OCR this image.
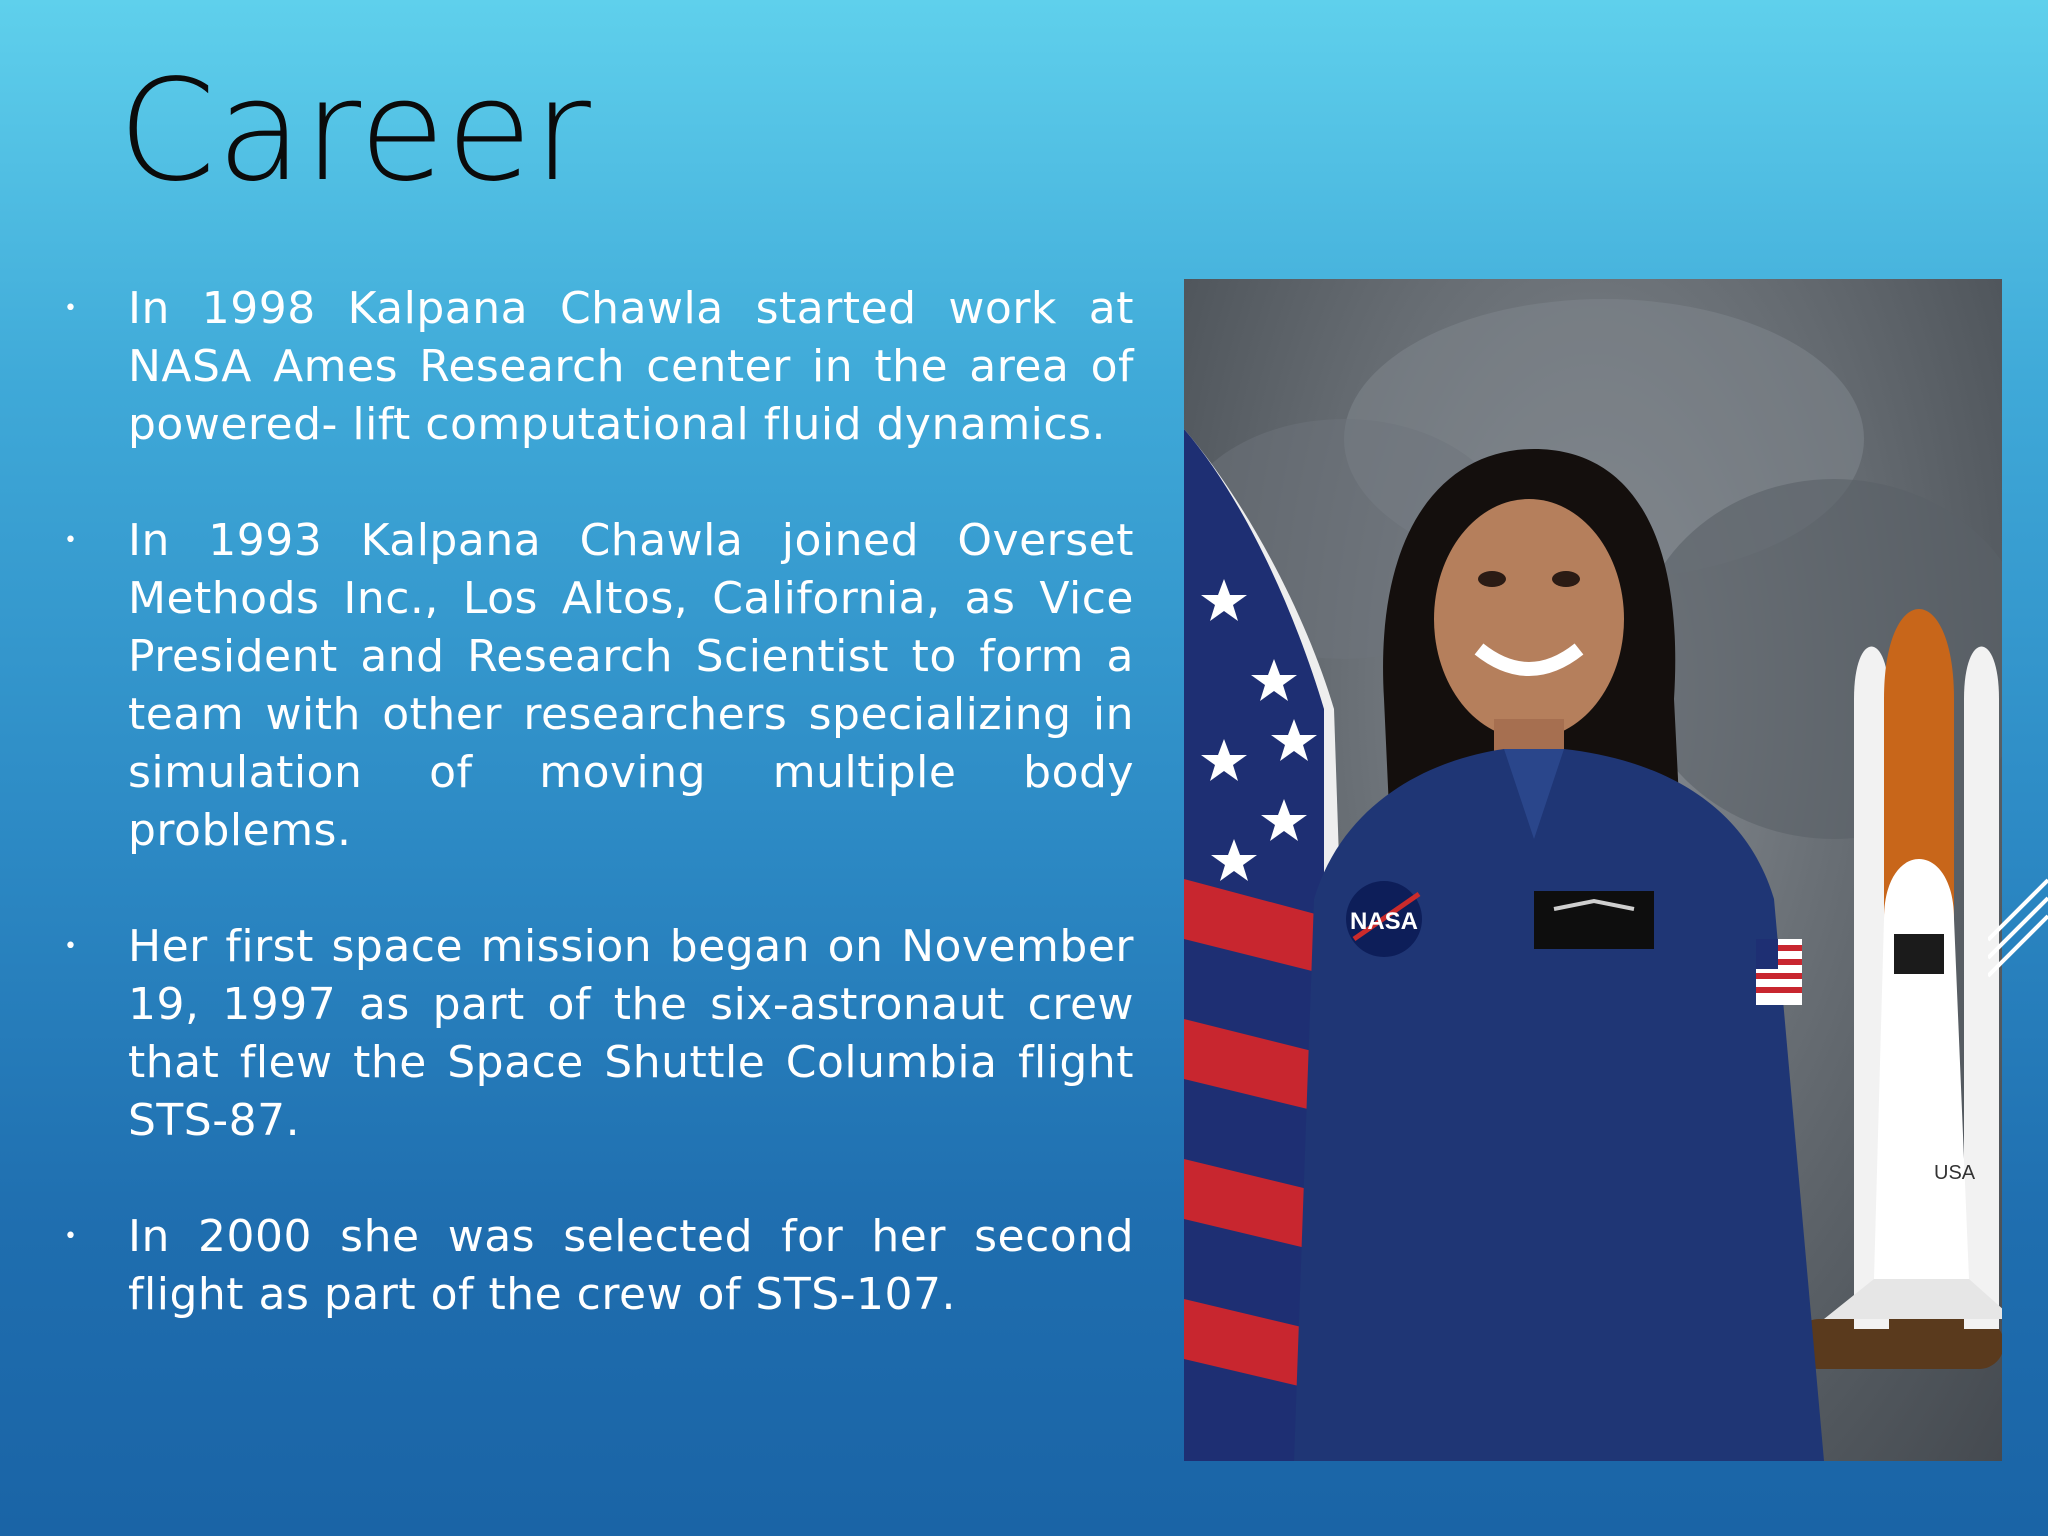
Career
•	In 1998 Kalpana Chawla started work at NASA Ames Research center in the area of powered- lift computational fluid dynamics.
•	In 1993 Kalpana Chawla joined Overset Methods Inc., Los Altos, California, as Vice President and Research Scientist to form a team with other researchers specializing in simulation of moving multiple body problems.
•	Her first space mission began on November 19, 1997 as part of the six-astronaut crew that flew the Space Shuttle Columbia flight STS-87.
•	In 2000 she was selected for her second flight as part of the crew of STS-107.
USA
NASA
